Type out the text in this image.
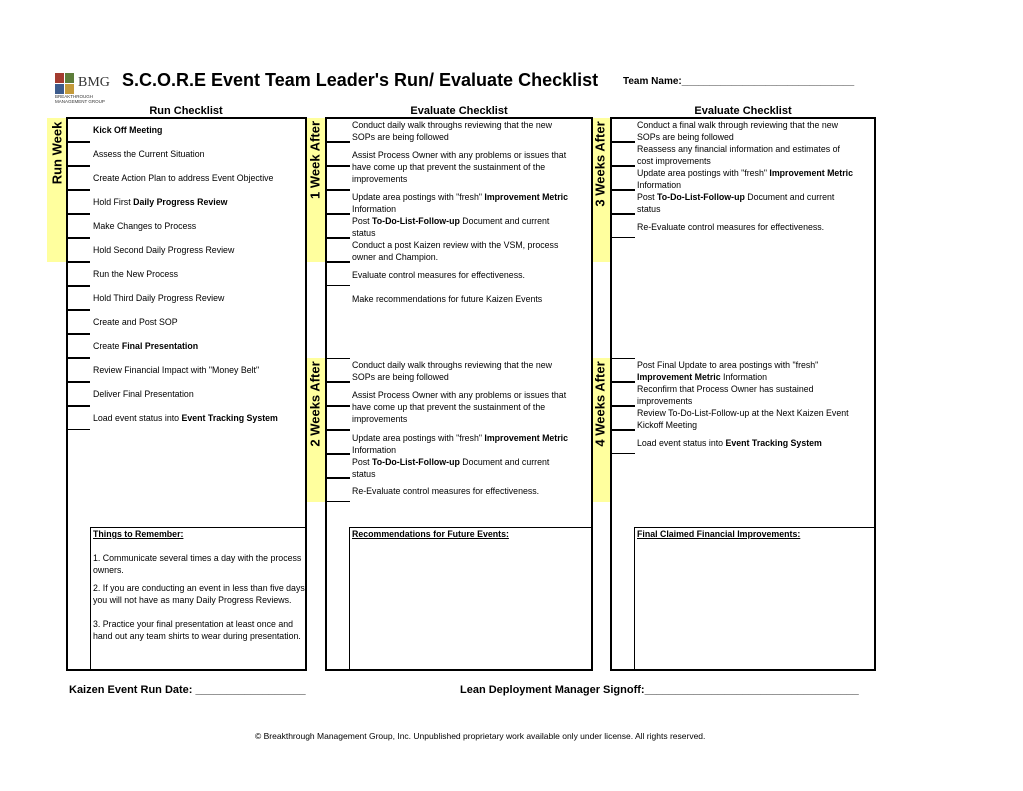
BMG
BREAKTHROUGH MANAGEMENT GROUP
S.C.O.R.E Event Team Leader's Run/ Evaluate Checklist Team Name:_______________________________
Run Checklist	Evaluate Checklist	Evaluate Checklist
Run Week	1 Week After
2 Weeks After
3 Weeks After
4 Weeks After
Kick Off Meeting
Assess the Current Situation
Create Action Plan to address Event Objective
Hold First Daily Progress Review
Make Changes to Process
Hold Second Daily Progress Review
Run the New Process
Hold Third Daily Progress Review
Create and Post SOP
Create Final Presentation
Review Financial Impact with "Money Belt"
Deliver Final Presentation
Load event status into Event Tracking System
Things to Remember:

1. Communicate several times a day with the process owners.

2. If you are conducting an event in less than five days, you will not have as many Daily Progress Reviews.

3. Practice your final presentation at least once and hand out any team shirts to wear during presentation.

Conduct daily walk throughs reviewing that the new
SOPs are being followed
Assist Process Owner with any problems or issues that
have come up that prevent the sustainment of the
improvements
Update area postings with "fresh" Improvement Metric
Information
Post To-Do-List-Follow-up Document and current
status
Conduct a post Kaizen review with the VSM, process
owner and Champion.
Evaluate control measures for effectiveness.
Make recommendations for future Kaizen Events
Conduct daily walk throughs reviewing that the new
SOPs are being followed
Assist Process Owner with any problems or issues that
have come up that prevent the sustainment of the
improvements
Update area postings with "fresh" Improvement Metric
Information
Post To-Do-List-Follow-up Document and current
status
Re-Evaluate control measures for effectiveness.
Conduct a final walk through reviewing that the new
SOPs are being followed
Reassess any financial information and estimates of
cost improvements
Update area postings with "fresh" Improvement Metric
Information
Post To-Do-List-Follow-up Document and current
status
Re-Evaluate control measures for effectiveness.
Post Final Update to area postings with "fresh"
Improvement Metric Information
Reconfirm that Process Owner has sustained
improvements
Review To-Do-List-Follow-up at the Next Kaizen Event
Kickoff Meeting
Load event status into Event Tracking System
Recommendations for Future Events:	Final Claimed Financial Improvements:
Kaizen Event Run Date: __________________	Lean Deployment Manager Signoff:___________________________________
© Breakthrough Management Group, Inc. Unpublished proprietary work available only under license. All rights reserved.
